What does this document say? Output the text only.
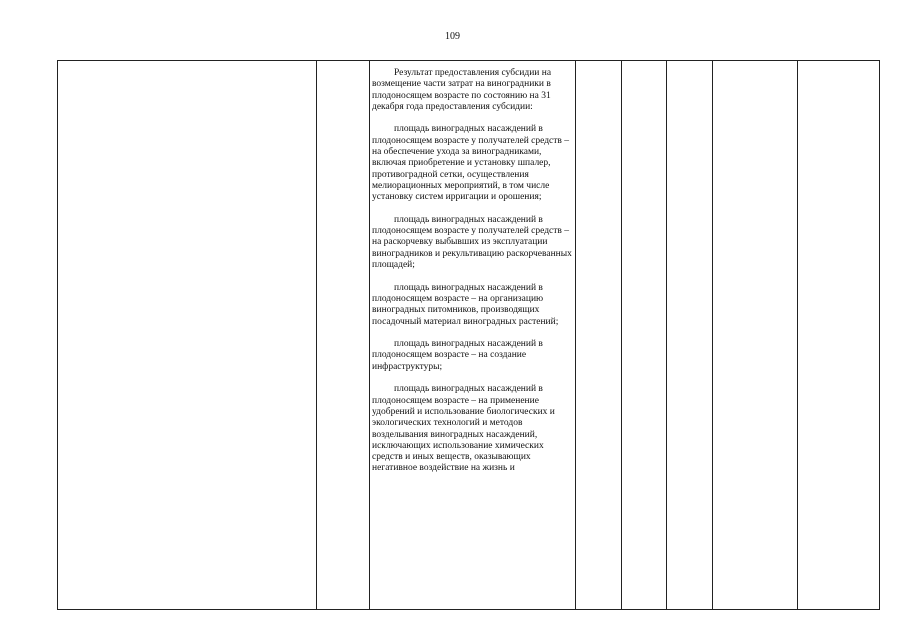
109

Результат предоставления субсидии на возмещение части затрат на виноградники в плодоносящем возрасте по состоянию на 31 декабря года предоставления субсидии:

площадь виноградных насаждений в плодоносящем возрасте у получателей средств –на обеспечение ухода за виноградниками, включая приобретение и установку шпалер, противоградной сетки, осуществления мелиорационных мероприятий, в том числе установку систем ирригации и орошения;

площадь виноградных насаждений в плодоносящем возрасте у получателей средств – на раскорчевку выбывших из эксплуатации виноградников и рекультивацию раскорчеванных площадей;

площадь виноградных насаждений в плодоносящем возрасте – на организацию виноградных питомников, производящих посадочный материал виноградных растений;

площадь виноградных насаждений в плодоносящем возрасте – на создание инфраструктуры;

площадь виноградных насаждений в плодоносящем возрасте – на применение удобрений и использование биологических и экологических технологий и методов возделывания виноградных насаждений, исключающих использование химических средств и иных веществ, оказывающих негативное воздействие на жизнь и
